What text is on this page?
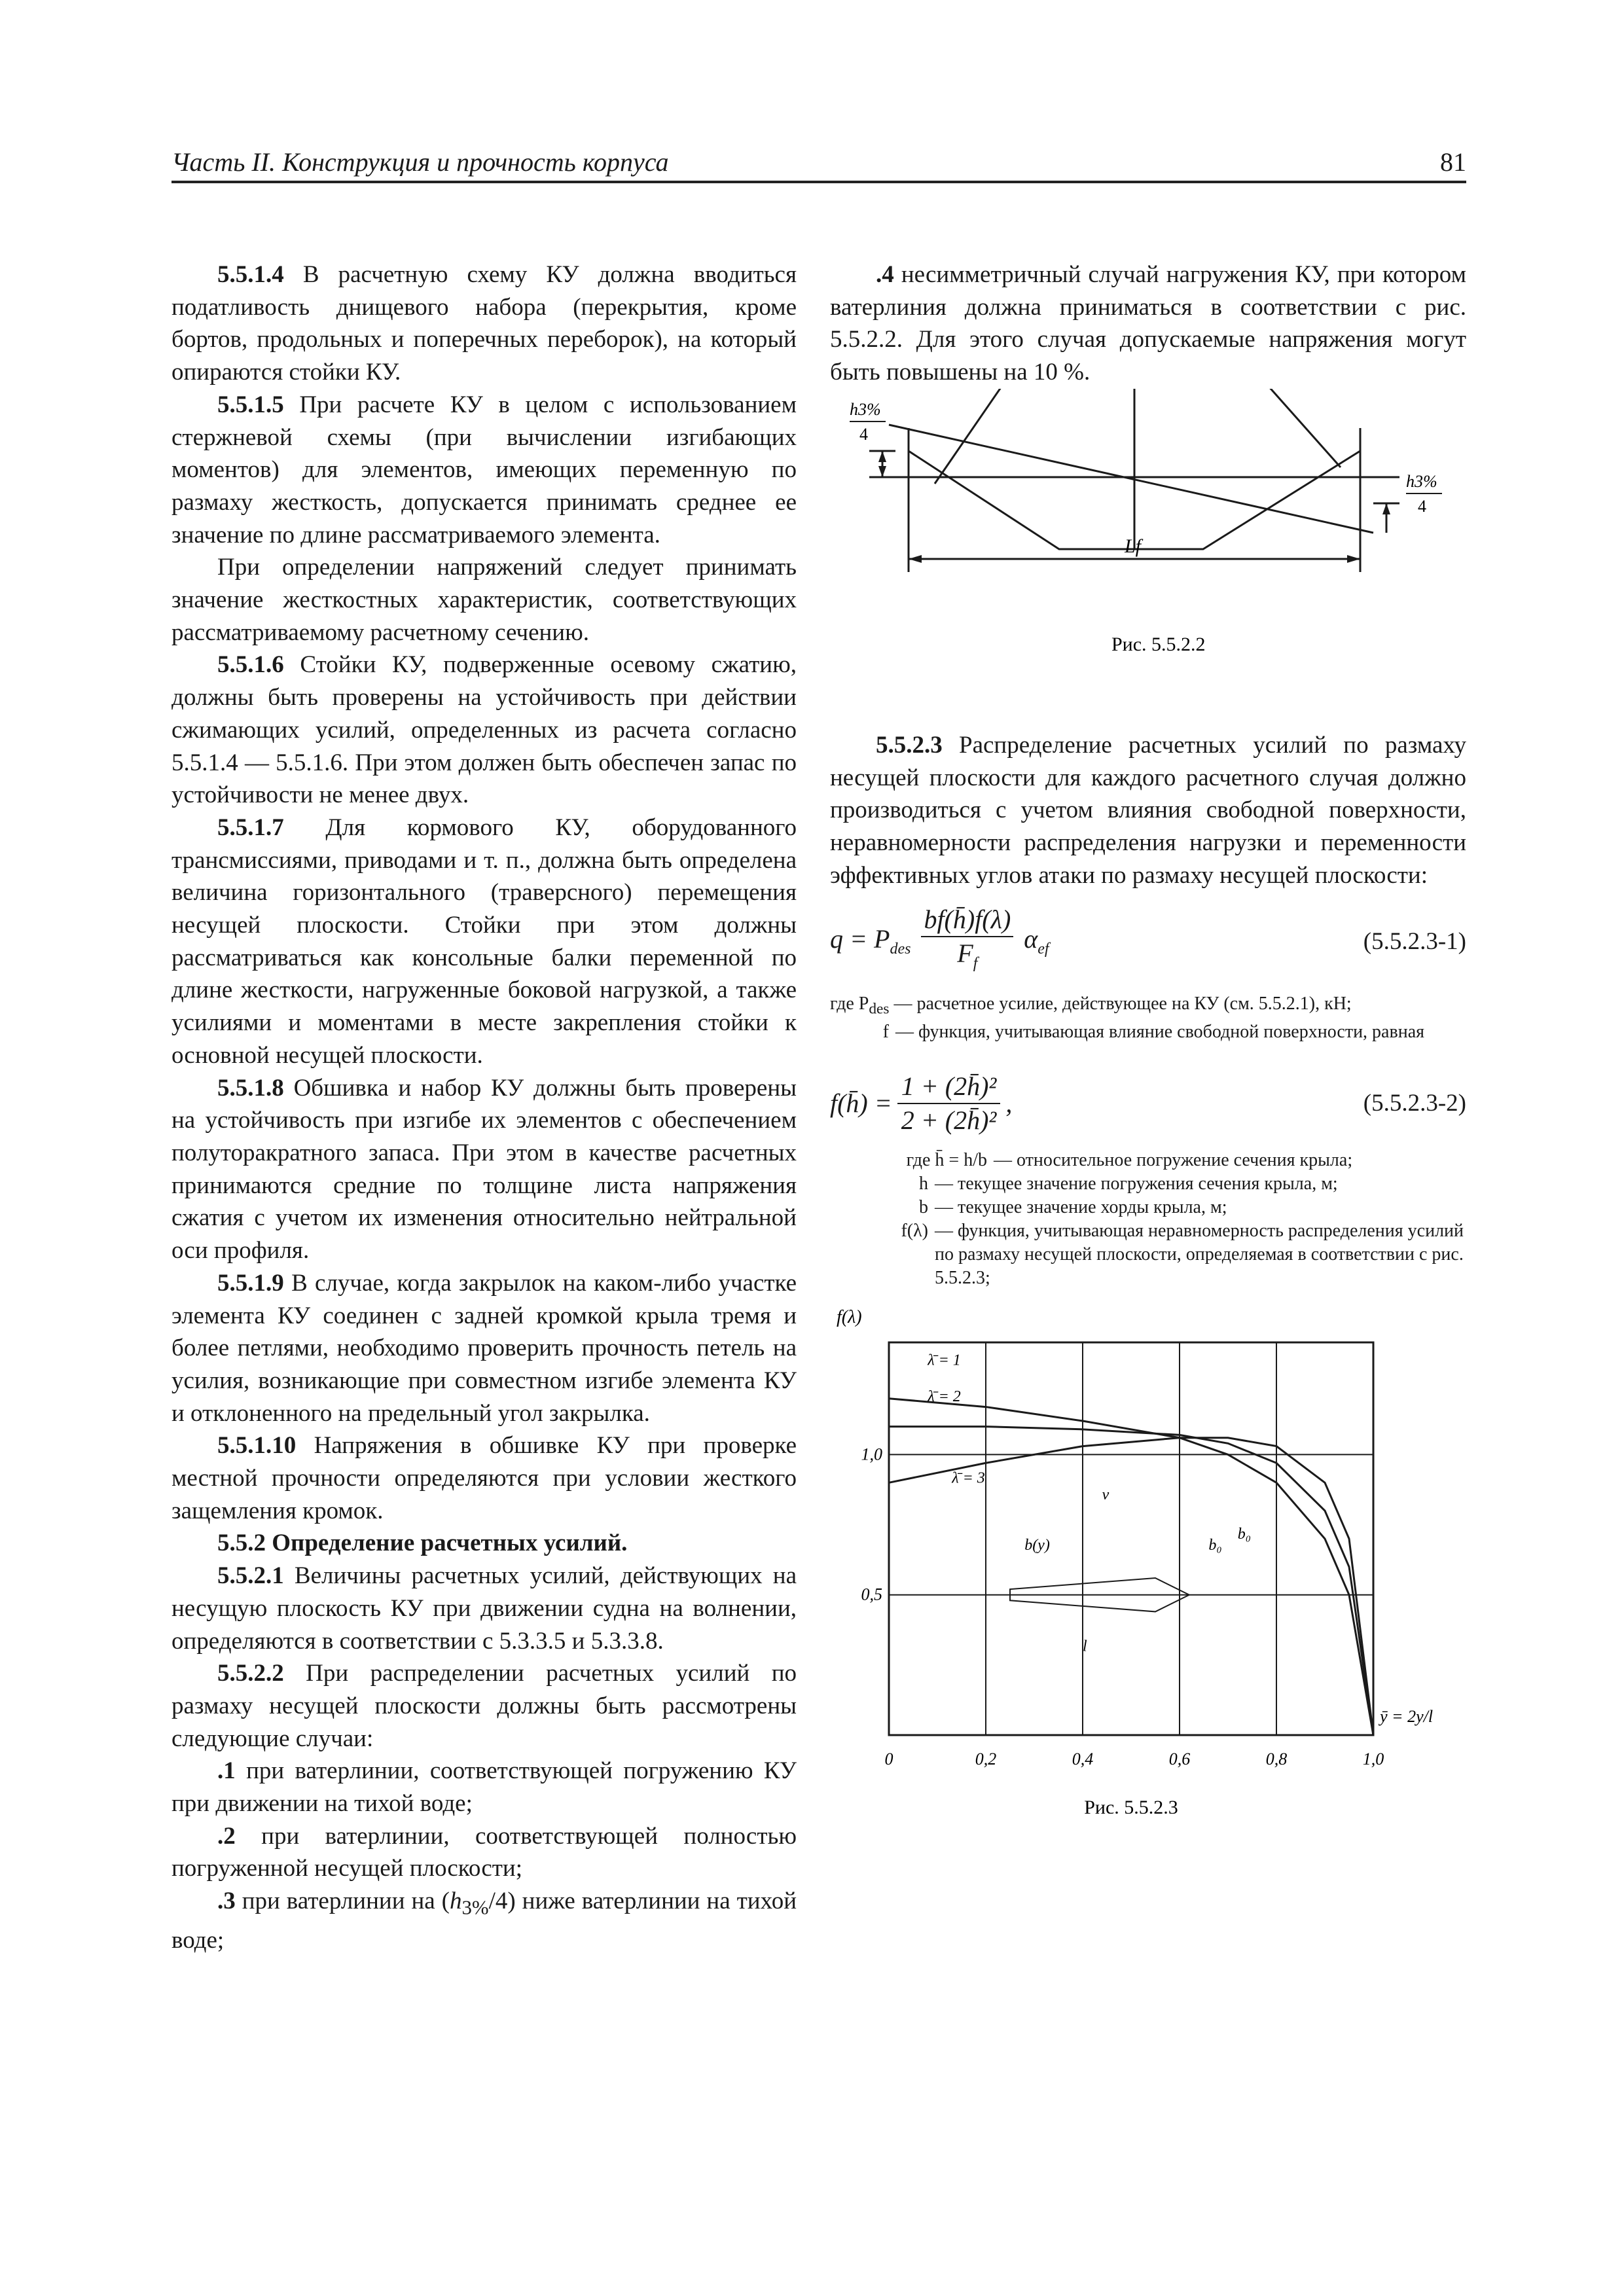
Часть II. Конструкция и прочность корпуса	81

5.5.1.4 В расчетную схему КУ должна вводиться податливость днищевого набора (перекрытия, кроме бортов, продольных и поперечных переборок), на который опираются стойки КУ.

5.5.1.5 При расчете КУ в целом с использованием стержневой схемы (при вычислении изгибающих моментов) для элементов, имеющих переменную по размаху жесткость, допускается принимать среднее ее значение по длине рассматриваемого элемента.

При определении напряжений следует принимать значение жесткостных характеристик, соответствующих рассматриваемому расчетному сечению.

5.5.1.6 Стойки КУ, подверженные осевому сжатию, должны быть проверены на устойчивость при действии сжимающих усилий, определенных из расчета согласно 5.5.1.4 — 5.5.1.6. При этом должен быть обеспечен запас по устойчивости не менее двух.

5.5.1.7 Для кормового КУ, оборудованного трансмиссиями, приводами и т. п., должна быть определена величина горизонтального (траверсного) перемещения несущей плоскости. Стойки при этом должны рассматриваться как консольные балки переменной по длине жесткости, нагруженные боковой нагрузкой, а также усилиями и моментами в месте закрепления стойки к основной несущей плоскости.

5.5.1.8 Обшивка и набор КУ должны быть проверены на устойчивость при изгибе их элементов с обеспечением полуторакратного запаса. При этом в качестве расчетных принимаются средние по толщине листа напряжения сжатия с учетом их изменения относительно нейтральной оси профиля.

5.5.1.9 В случае, когда закрылок на каком-либо участке элемента КУ соединен с задней кромкой крыла тремя и более петлями, необходимо проверить прочность петель на усилия, возникающие при совместном изгибе элемента КУ и отклоненного на предельный угол закрылка.

5.5.1.10 Напряжения в обшивке КУ при проверке местной прочности определяются при условии жесткого защемления кромок.

5.5.2 Определение расчетных усилий.

5.5.2.1 Величины расчетных усилий, действующих на несущую плоскость КУ при движении судна на волнении, определяются в соответствии с 5.3.3.5 и 5.3.3.8.

5.5.2.2 При распределении расчетных усилий по размаху несущей плоскости должны быть рассмотрены следующие случаи:

.1 при ватерлинии, соответствующей погружению КУ при движении на тихой воде;

.2 при ватерлинии, соответствующей полностью погруженной несущей плоскости;

.3 при ватерлинии на $(h_{3\%}/4)$ ниже ватерлинии на тихой воде;

.4 несимметричный случай нагружения КУ, при котором ватерлиния должна приниматься в соответствии с рис. 5.5.2.2. Для этого случая допускаемые напряжения могут быть повышены на 10 %.

h3%
4
h3%
4
Lf
Рис. 5.5.2.2

5.5.2.3 Распределение расчетных усилий по размаху несущей плоскости для каждого расчетного случая должно производиться с учетом влияния свободной поверхности, неравномерности распределения нагрузки и переменности эффективных углов атаки по размаху несущей плоскости:

$q = P_{des} \frac{bf(h̄)f(\lambda)}{F_f} \alpha_{ef}$	(5.5.2.3-1)
где $P_{des}$ — расчетное усилие, действующее на КУ (см. 5.5.2.1), кН;
f — функция, учитывающая влияние свободной поверхности, равная
f(h̄) = $\frac{\text{1 + (2h̄)²}}{\text{2 + (2h̄)²}}$ ,	(5.5.2.3-2)
где h̄ = h/b — относительное погружение сечения крыла;
h — текущее значение погружения сечения крыла, м;
b — текущее значение хорды крыла, м;
f(λ) — функция, учитывающая неравномерность распределения усилий по размаху несущей плоскости, определяемая в соответствии с рис. 5.5.2.3;
f(λ)
0	0,2	0,4	0,6	0,8	1,0
0,5
1,0
ȳ = 2y/l
λ̄ = 1
λ̄ = 2
λ̄ = 3
b(y)
v
b₀
b₀
l
Рис. 5.5.2.3
